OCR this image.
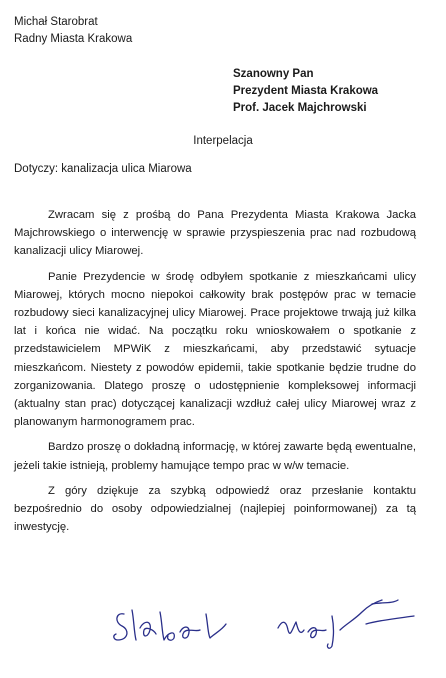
Michał Starobrat
Radny Miasta Krakowa
Szanowny Pan
Prezydent Miasta Krakowa
Prof. Jacek Majchrowski
Interpelacja
Dotyczy: kanalizacja ulica Miarowa

Zwracam się z prośbą do Pana Prezydenta Miasta Krakowa Jacka Majchrowskiego o interwencję w sprawie przyspieszenia prac nad rozbudową kanalizacji ulicy Miarowej.

Panie Prezydencie w środę odbyłem spotkanie z mieszkańcami ulicy Miarowej, których mocno niepokoi całkowity brak postępów prac w temacie rozbudowy sieci kanalizacyjnej ulicy Miarowej. Prace projektowe trwają już kilka lat i końca nie widać. Na początku roku wnioskowałem o spotkanie z przedstawicielem MPWiK z mieszkańcami, aby przedstawić sytuacje mieszkańcom. Niestety z powodów epidemii, takie spotkanie będzie trudne do zorganizowania. Dlatego proszę o udostępnienie kompleksowej informacji (aktualny stan prac) dotyczącej kanalizacji wzdłuż całej ulicy Miarowej wraz z planowanym harmonogramem prac.

Bardzo proszę o dokładną informację, w której zawarte będą ewentualne, jeżeli takie istnieją, problemy hamujące tempo prac w w/w temacie.

Z góry dziękuje za szybką odpowiedź oraz przesłanie kontaktu bezpośrednio do osoby odpowiedzialnej (najlepiej poinformowanej) za tą inwestycję.
